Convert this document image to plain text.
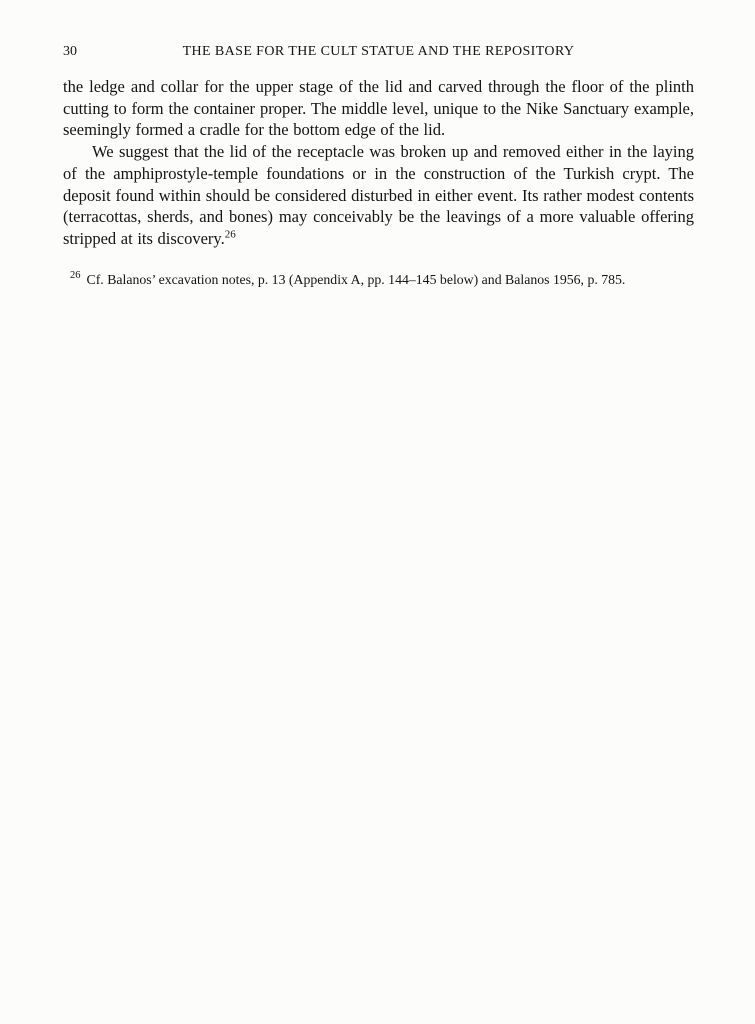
30	THE BASE FOR THE CULT STATUE AND THE REPOSITORY

the ledge and collar for the upper stage of the lid and carved through the floor of the plinth cutting to form the container proper. The middle level, unique to the Nike Sanctuary example, seemingly formed a cradle for the bottom edge of the lid.

We suggest that the lid of the receptacle was broken up and removed either in the laying of the amphiprostyle-temple foundations or in the construction of the Turkish crypt. The deposit found within should be considered disturbed in either event. Its rather modest contents (terracottas, sherds, and bones) may conceivably be the leavings of a more valuable offering stripped at its discovery.$^{26}$

$^{26}$ Cf. Balanos’ excavation notes, p. 13 (Appendix A, pp. 144–145 below) and Balanos 1956, p. 785.
